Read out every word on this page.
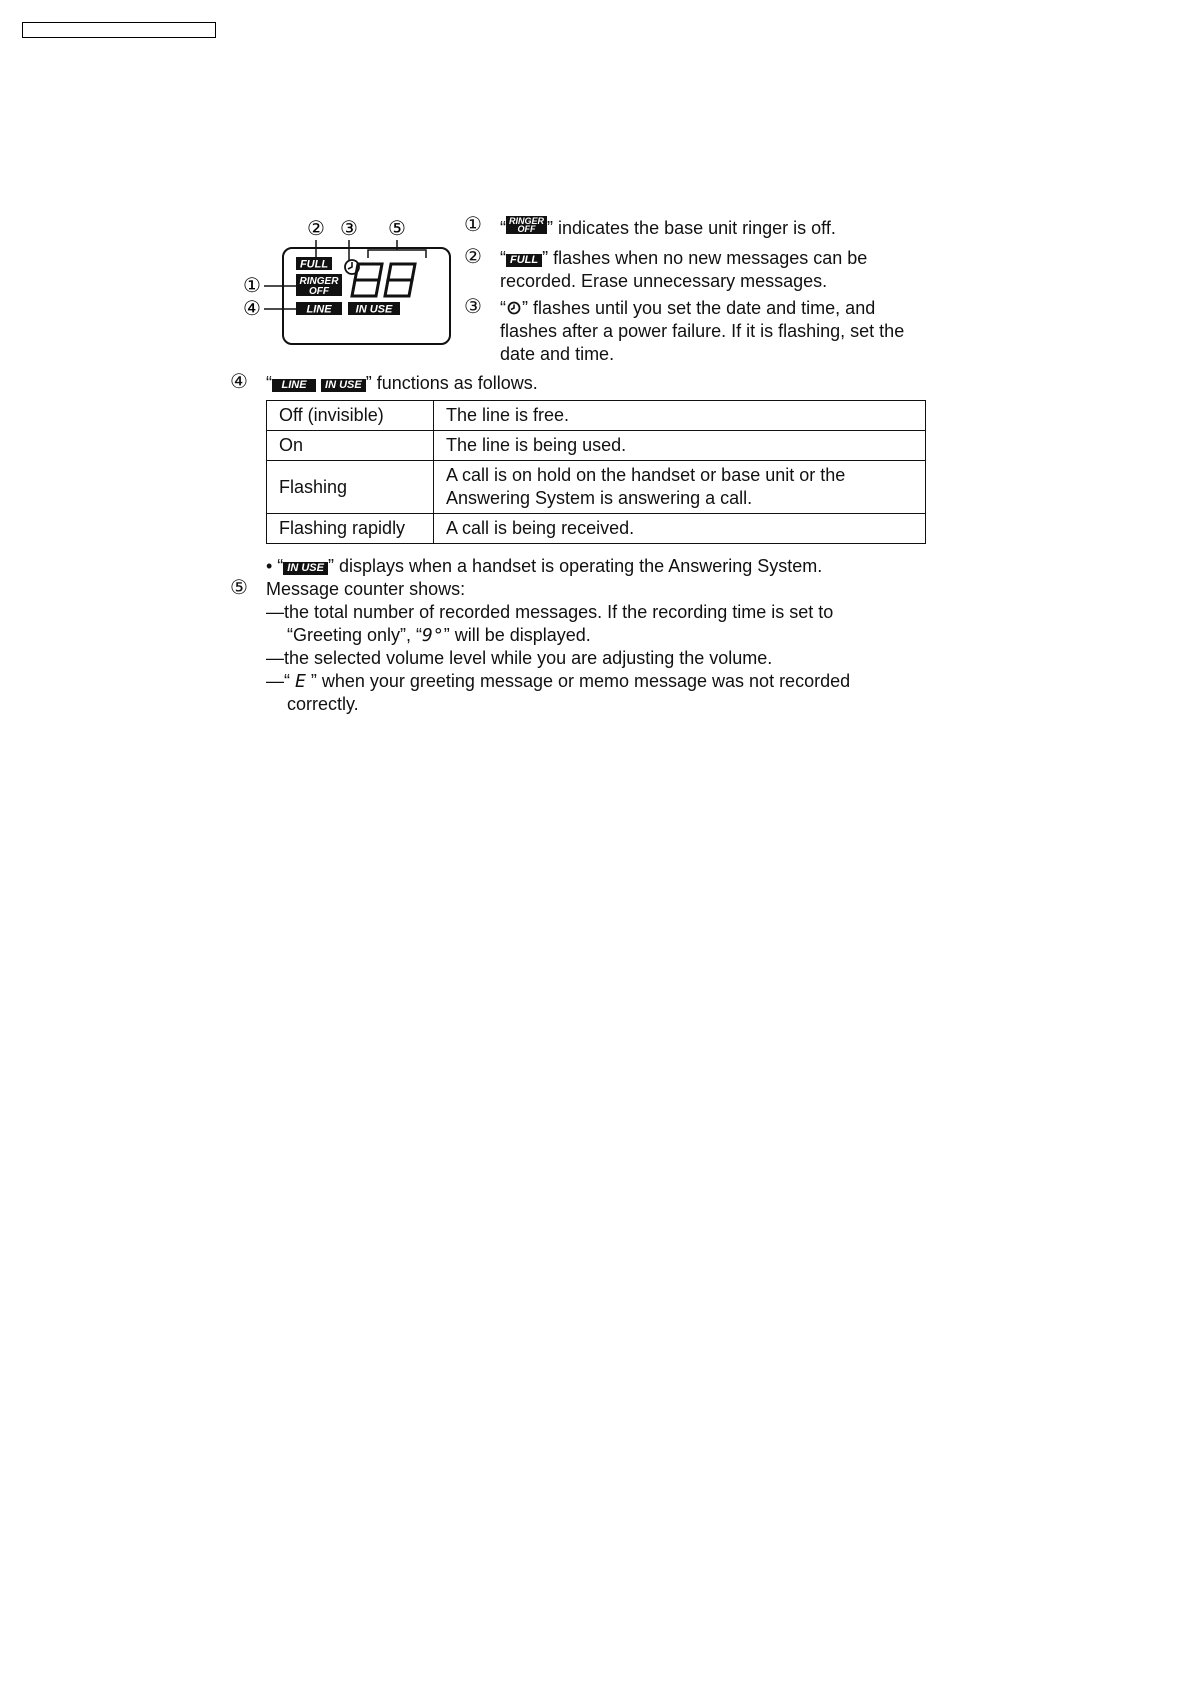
② ③ ⑤
①
④
FULL
RINGER
OFF
LINE IN USE
① “ RINGER
OFF ” indicates the base unit ringer is off.
② “ FULL ” flashes when no new messages can be
recorded. Erase unnecessary messages.
③ “ ” flashes until you set the date and time, and
flashes after a power failure. If it is flashing, set the
date and time.
④ “ LINE IN USE ” functions as follows.
Off (invisible)	The line is free.
On	The line is being used.
Flashing	A call is on hold on the handset or base unit or the
Answering System is answering a call.
Flashing rapidly	A call is being received.
• “ IN USE ” displays when a handset is operating the Answering System.
⑤ Message counter shows:
—the total number of recorded messages. If the recording time is set to
“Greeting only”, “9°” will be displayed.
—the selected volume level while you are adjusting the volume.
—“ E ” when your greeting message or memo message was not recorded
correctly.
